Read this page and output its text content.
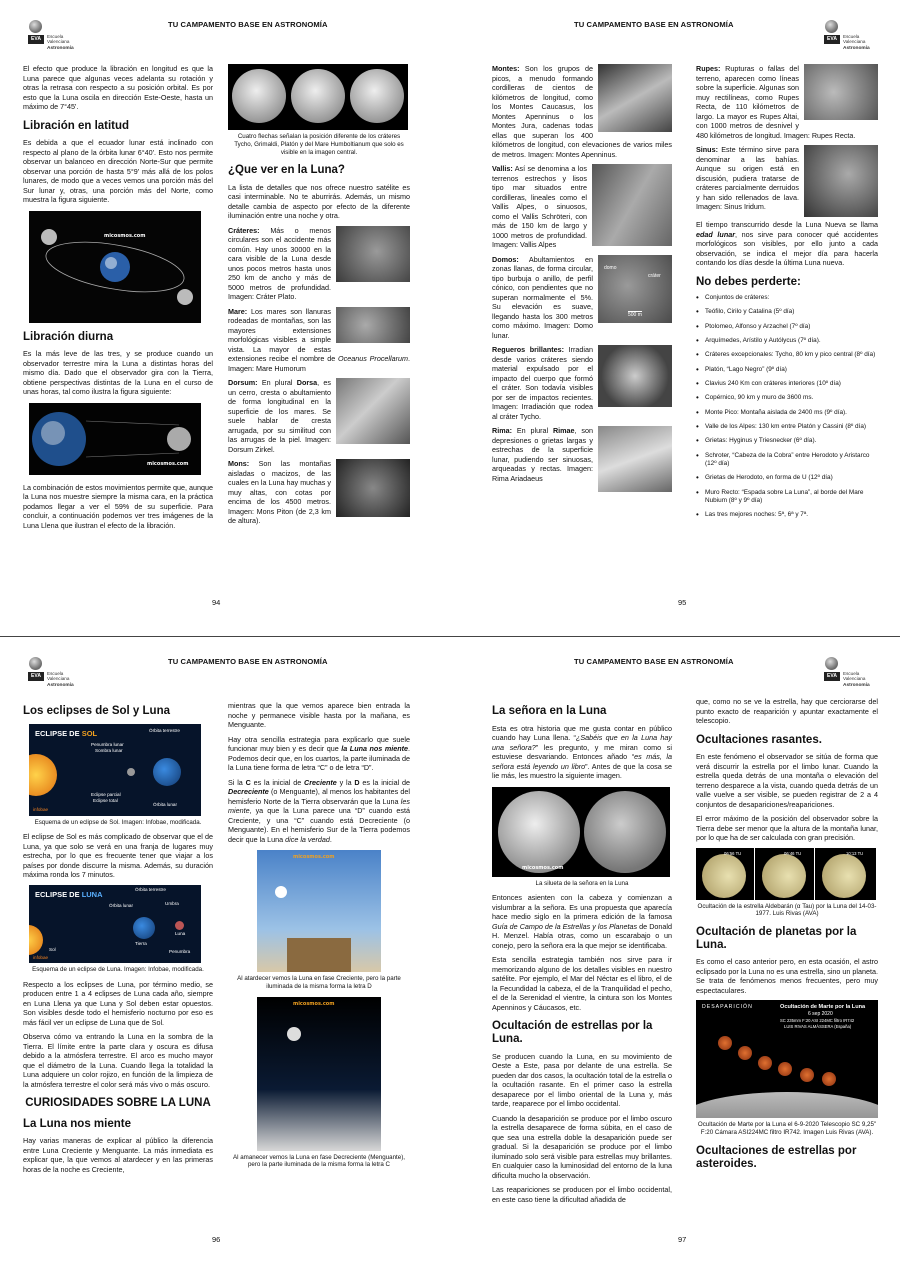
EVA	Escuela
Valenciana
Astronomía
TU CAMPAMENTO BASE EN ASTRONOMÍA

El efecto que produce la libración en longitud es que la Luna parece que algunas veces adelanta su rotación y otras la retrasa con respecto a su posición orbital. Es por esto que la Luna oscila en dirección Este-Oeste, hasta un máximo de 7°45'.

Libración en latitud

Es debida a que el ecuador lunar está inclinado con respecto al plano de la órbita lunar 6°40'. Esto nos permite observar un balanceo en dirección Norte-Sur que permite observar una porción de hasta 5°9' más allá de los polos lunares, de modo que a veces vemos una porción más del Sur lunar y, otras, una porción más del Norte, como muestra la figura siguiente.

micosmos.com
Libración diurna

Es la más leve de las tres, y se produce cuando un observador terrestre mira la Luna a distintas horas del mismo día. Dado que el observador gira con la Tierra, obtiene perspectivas distintas de la Luna en el curso de unas horas, tal como ilustra la figura siguiente:

micosmos.com

La combinación de estos movimientos permite que, aunque la Luna nos muestre siempre la misma cara, en la práctica podamos llegar a ver el 59% de su superficie. Para concluir, a continuación podemos ver tres imágenes de la Luna Llena que ilustran el efecto de la libración.

Cuatro flechas señalan la posición diferente de los cráteres Tycho, Grimaldi, Platón y del Mare Humboltianum que solo es visible en la imagen central.
¿Que ver en la Luna?

La lista de detalles que nos ofrece nuestro satélite es casi interminable. No te aburrirás. Además, un mismo detalle cambia de aspecto por efecto de la diferente iluminación entre una noche y otra.

Cráteres: Más o menos circulares son el accidente más común. Hay unos 30000 en la cara visible de la Luna desde unos pocos metros hasta unos 250 km de ancho y más de 5000 metros de profundidad. Imagen: Cráter Plato.

Mare: Los mares son llanuras rodeadas de montañas, son las mayores extensiones morfológicas visibles a simple vista. La mayor de estas extensiones recibe el nombre de Oceanus Procellarum. Imagen: Mare Humorum

Dorsum: En plural Dorsa, es un cerro, cresta o abultamiento de forma longitudinal en la superficie de los mares. Se suele hablar de cresta arrugada, por su similitud con las arrugas de la piel. Imagen: Dorsum Zirkel.

Mons: Son las montañas aisladas o macizos, de las cuales en la Luna hay muchas y muy altas, con cotas por encima de los 4500 metros. Imagen: Mons Piton (de 2,3 km de altura).

94
TU CAMPAMENTO BASE EN ASTRONOMÍA
EVA	Escuela
Valenciana
Astronomía

Montes: Son los grupos de picos, a menudo formando cordilleras de cientos de kilómetros de longitud, como los Montes Caucasus, los Montes Apenninus o los Montes Jura, cadenas todas ellas que superan los 400 kilómetros de longitud, con elevaciones de varios miles de metros. Imagen: Montes Apenninus.

Vallis: Así se denomina a los terrenos estrechos y lisos tipo mar situados entre cordilleras, lineales como el Vallis Alpes, o sinuosos, como el Vallis Schröteri, con más de 150 km de largo y 1000 metros de profundidad. Imagen: Vallis Alpes

domo
cráter
500 m

Domos: Abultamientos en zonas llanas, de forma circular, tipo burbuja o anillo, de perfil cónico, con pendientes que no superan normalmente el 5%. Su elevación es suave, llegando hasta los 300 metros como máximo. Imagen: Domo lunar.

Regueros brillantes: Irradian desde varios cráteres siendo material expulsado por el impacto del cuerpo que formó el cráter. Son todavía visibles por ser de impactos recientes. Imagen: Irradiación que rodea al cráter Tycho.

Rima: En plural Rimae, son depresiones o grietas largas y estrechas de la superficie lunar, pudiendo ser sinuosas, arqueadas y rectas. Imagen: Rima Ariadaeus

Rupes: Rupturas o fallas del terreno, aparecen como líneas sobre la superficie. Algunas son muy rectilíneas, como Rupes Recta, de 110 kilómetros de largo. La mayor es Rupes Altai, con 1000 metros de desnivel y 480 kilómetros de longitud. Imagen: Rupes Recta.

Sinus: Este término sirve para denominar a las bahías. Aunque su origen está en discusión, pudiera tratarse de cráteres parcialmente derruidos y han sido rellenados de lava. Imagen: Sinus Iridum.

El tiempo transcurrido desde la Luna Nueva se llama edad lunar, nos sirve para conocer qué accidentes morfológicos son visibles, por ello junto a cada observación, se indica el mejor día para hacerla contando los días desde la última Luna nueva.

No debes perderte:
• Conjuntos de cráteres:
• Teófilo, Cirilo y Catalina (5º día)
• Ptolomeo, Alfonso y Arzachel (7º día)
• Arquímedes, Arístilo y Autólycus (7º día).
• Cráteres excepcionales: Tycho, 80 km y pico central (8º día)
• Platón, “Lago Negro” (9º día)
• Clavius 240 Km con cráteres interiores (10º día)
• Copérnico, 90 km y muro de 3600 ms.
• Monte Pico: Montaña aislada de 2400 ms (9º día).
• Valle de los Alpes: 130 km entre Platón y Cassini (8º día)
• Grietas: Hyginus y Triesnecker (6º día).
• Schroter, “Cabeza de la Cobra” entre Herodoto y Aristarco (12º día)
• Grietas de Herodoto, en forma de U (12º día)
• Muro Recto: “Espada sobre La Luna”, al borde del Mare Nubium (8º y 9º día)
• Las tres mejores noches: 5ª, 6ª y 7ª.
95
EVA	Escuela
Valenciana
Astronomía
TU CAMPAMENTO BASE EN ASTRONOMÍA
Los eclipses de Sol y Luna
ECLIPSE DE SOL	Órbita terrestre
Penumbra lunar
Sombra lunar
Eclipse parcial
Eclipse total
Órbita lunar
infobae
Esquema de un eclipse de Sol. Imagen: Infobae, modificada.

El eclipse de Sol es más complicado de observar que el de Luna, ya que solo se verá en una franja de lugares muy estrecha, por lo que es frecuente tener que viajar a los países por donde discurre la misma. Además, su duración máxima ronda los 7 minutos.

ECLIPSE DE LUNA
Órbita terrestre
Órbita lunar	Umbra
Luna
Tierra
Sol	Penumbra
infobae
Esquema de un eclipse de Luna. Imagen: Infobae, modificada.

Respecto a los eclipses de Luna, por término medio, se producen entre 1 a 4 eclipses de Luna cada año, siempre en Luna Llena ya que Luna y Sol deben estar opuestos. Son visibles desde todo el hemisferio nocturno por eso es más fácil ver un eclipse de Luna que de Sol.

Observa cómo va entrando la Luna en la sombra de la Tierra. El límite entre la parte clara y oscura es difusa debido a la atmósfera terrestre. El arco es mucho mayor que el diámetro de la Luna. Cuando llega la totalidad la Luna adquiere un color rojizo, en función de la limpieza de la atmósfera terrestre el color será más vivo o más oscuro.

CURIOSIDADES SOBRE LA LUNA
La Luna nos miente

Hay varias maneras de explicar al público la diferencia entre Luna Creciente y Menguante. La más inmediata es explicar que, la que vemos al atardecer y en las primeras horas de la noche es Creciente,

mientras que la que vemos aparece bien entrada la noche y permanece visible hasta por la mañana, es Menguante.

Hay otra sencilla estrategia para explicarlo que suele funcionar muy bien y es decir que la Luna nos miente. Podemos decir que, en los cuartos, la parte iluminada de la Luna tiene forma de letra “C” o de letra “D”.

Si la C es la inicial de Creciente y la D es la inicial de Decreciente (o Menguante), al menos los habitantes del hemisferio Norte de la Tierra observarán que la Luna les miente, ya que la Luna parece una “D” cuando está Creciente, y una “C” cuando está Decreciente (o Menguante). En el hemisferio Sur de la Tierra podemos decir que la Luna dice la verdad.

micosmos.com
Al atardecer vemos la Luna en fase Creciente, pero la parte iluminada de la misma forma la letra D
micosmos.com
Al amanecer vemos la Luna en fase Decreciente (Menguante), pero la parte iluminada de la misma forma la letra C
96
TU CAMPAMENTO BASE EN ASTRONOMÍA
EVA	Escuela
Valenciana
Astronomía
La señora en la Luna

Esta es otra historia que me gusta contar en público cuando hay Luna llena. “¿Sabéis que en la Luna hay una señora?” les pregunto, y me miran como si estuviese desvariando. Entonces añado “es más, la señora está leyendo un libro”. Antes de que la cosa se lie más, les muestro la siguiente imagen.

micosmos.com
La silueta de la señora en la Luna

Entonces asienten con la cabeza y comienzan a vislumbrar a la señora. Es una propuesta que aparecía hace medio siglo en la primera edición de la famosa Guía de Campo de la Estrellas y los Planetas de Donald H. Menzel. Había otras, como un escarabajo o un conejo, pero la señora era la que mejor se identificaba.

Esta sencilla estrategia también nos sirve para ir memorizando alguno de los detalles visibles en nuestro satélite. Por ejemplo, el Mar del Néctar es el libro, el de la Fecundidad la cabeza, el de la Tranquilidad el pecho, el de la Serenidad el vientre, la cintura son los Montes Apenninos y Cáucasos, etc.

Ocultación de estrellas por la Luna.

Se producen cuando la Luna, en su movimiento de Oeste a Este, pasa por delante de una estrella. Se pueden dar dos casos, la ocultación total de la estrella o la ocultación rasante. En el primer caso la estrella desaparece por el limbo oriental de la Luna y, más tarde, reaparece por el limbo occidental.

Cuando la desaparición se produce por el limbo oscuro la estrella desaparece de forma súbita, en el caso de que sea una estrella doble la desaparición puede ser gradual. Si la desaparición se produce por el limbo iluminado solo será visible para estrellas muy brillantes. En cualquier caso la luminosidad del entorno de la luna dificulta mucho la observación.

Las reapariciones se producen por el limbo occidental, en este caso tiene la dificultad añadida de

que, como no se ve la estrella, hay que cerciorarse del punto exacto de reaparición y apuntar exactamente el telescopio.

Ocultaciones rasantes.

En este fenómeno el observador se sitúa de forma que verá discurrir la estrella por el limbo lunar. Cuando la estrella queda detrás de una montaña o elevación del terreno desparece a la vista, cuando queda detrás de un valle vuelve a ser visible, se pueden registrar de 2 a 4 conjuntos de desapariciones/reapariciones.

El error máximo de la posición del observador sobre la Tierra debe ser menor que la altura de la montaña lunar, por lo que ha de ser calculada con gran precisión.

06:56 TU	06:46 TU	10:13 TU
Ocultación de la estrella Aldebarán (α Tau) por la Luna del 14-03-1977. Luis Rivas (AVA)
Ocultación de planetas por la Luna.

Es como el caso anterior pero, en esta ocasión, el astro eclipsado por la Luna no es una estrella, sino un planeta. Se trata de fenómenos menos frecuentes, pero muy espectaculares.

DESAPARICIÓN	Ocultación de Marte por la Luna
6 sep 2020
SC 235mm F:20 ASI 224MC filtro IR742
LUIS RIVAS ALMÀSSERA (España)
Ocultación de Marte por la Luna el 6-9-2020 Telescopio SC 9,25" F:20 Cámara ASI224MC filtro IR742. Imagen Luis Rivas (AVA).
Ocultaciones de estrellas por asteroides.
97
